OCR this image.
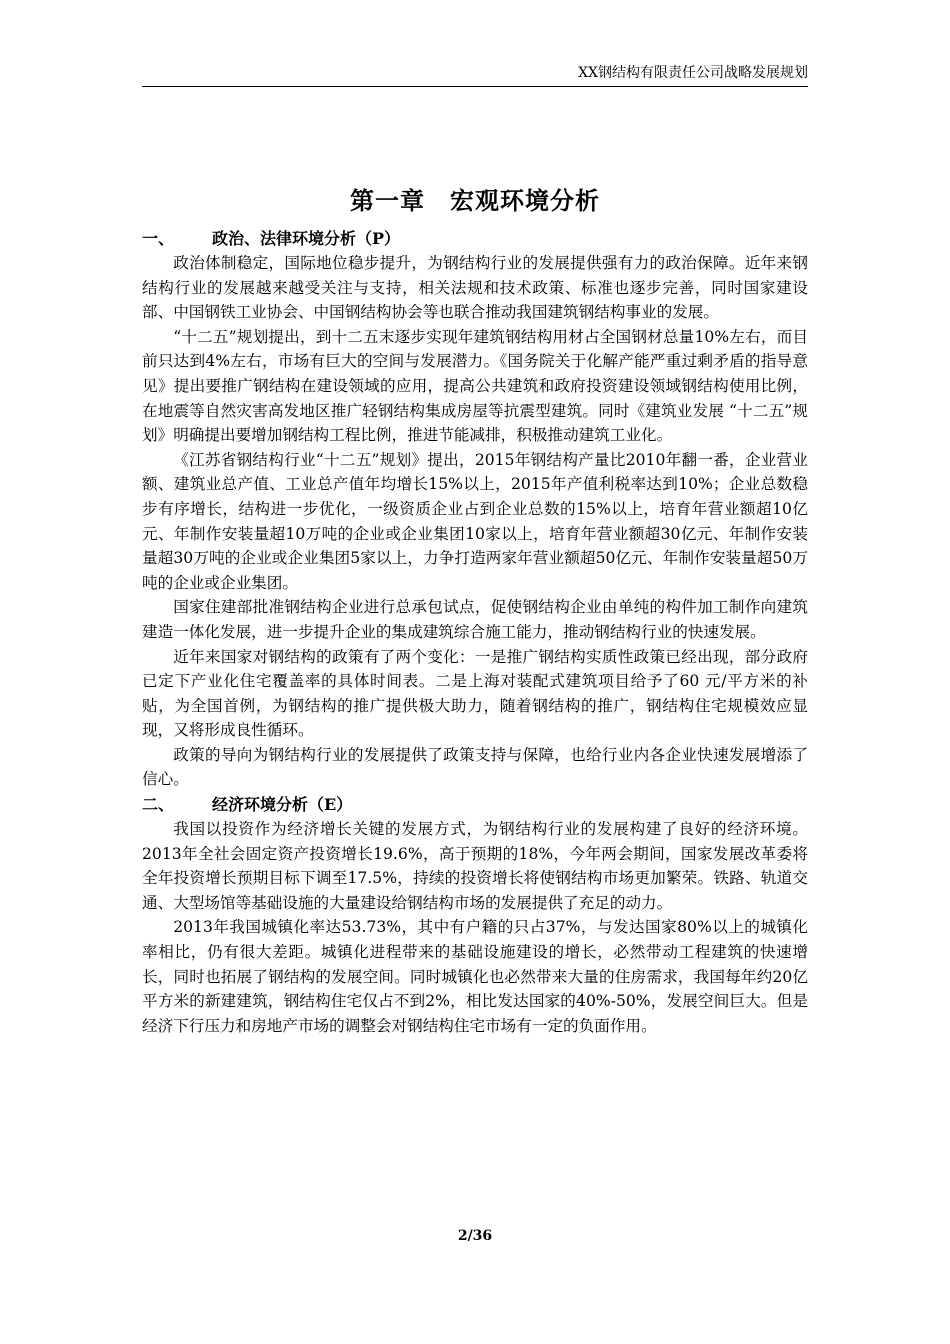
XX钢结构有限责任公司战略发展规划
第一章　宏观环境分析
一、 政治、法律环境分析（P）

政治体制稳定，国际地位稳步提升，为钢结构行业的发展提供强有力的政治保障。近年来钢结构行业的发展越来越受关注与支持，相关法规和技术政策、标准也逐步完善，同时国家建设部、中国钢铁工业协会、中国钢结构协会等也联合推动我国建筑钢结构事业的发展。

“十二五”规划提出，到十二五末逐步实现年建筑钢结构用材占全国钢材总量10%左右，而目前只达到4%左右，市场有巨大的空间与发展潜力。《国务院关于化解产能严重过剩矛盾的指导意见》提出要推广钢结构在建设领域的应用，提高公共建筑和政府投资建设领域钢结构使用比例，在地震等自然灾害高发地区推广轻钢结构集成房屋等抗震型建筑。同时《建筑业发展 “十二五”规划》明确提出要增加钢结构工程比例，推进节能减排，积极推动建筑工业化。

《江苏省钢结构行业“十二五”规划》提出，2015年钢结构产量比2010年翻一番，企业营业额、建筑业总产值、工业总产值年均增长15%以上，2015年产值利税率达到10%；企业总数稳步有序增长，结构进一步优化，一级资质企业占到企业总数的15%以上，培育年营业额超10亿元、年制作安装量超10万吨的企业或企业集团10家以上，培育年营业额超30亿元、年制作安装量超30万吨的企业或企业集团5家以上，力争打造两家年营业额超50亿元、年制作安装量超50万吨的企业或企业集团。

国家住建部批准钢结构企业进行总承包试点，促使钢结构企业由单纯的构件加工制作向建筑建造一体化发展，进一步提升企业的集成建筑综合施工能力，推动钢结构行业的快速发展。

近年来国家对钢结构的政策有了两个变化：一是推广钢结构实质性政策已经出现，部分政府已定下产业化住宅覆盖率的具体时间表。二是上海对装配式建筑项目给予了60 元/平方米的补贴，为全国首例，为钢结构的推广提供极大助力，随着钢结构的推广，钢结构住宅规模效应显现，又将形成良性循环。

政策的导向为钢结构行业的发展提供了政策支持与保障，也给行业内各企业快速发展增添了信心。

二、 经济环境分析（E）

我国以投资作为经济增长关键的发展方式，为钢结构行业的发展构建了良好的经济环境。2013年全社会固定资产投资增长19.6%，高于预期的18%，今年两会期间，国家发展改革委将全年投资增长预期目标下调至17.5%，持续的投资增长将使钢结构市场更加繁荣。铁路、轨道交通、大型场馆等基础设施的大量建设给钢结构市场的发展提供了充足的动力。

2013年我国城镇化率达53.73%，其中有户籍的只占37%，与发达国家80%以上的城镇化率相比，仍有很大差距。城镇化进程带来的基础设施建设的增长，必然带动工程建筑的快速增长，同时也拓展了钢结构的发展空间。同时城镇化也必然带来大量的住房需求，我国每年约20亿平方米的新建建筑，钢结构住宅仅占不到2%，相比发达国家的40%-50%，发展空间巨大。但是经济下行压力和房地产市场的调整会对钢结构住宅市场有一定的负面作用。

2/36
